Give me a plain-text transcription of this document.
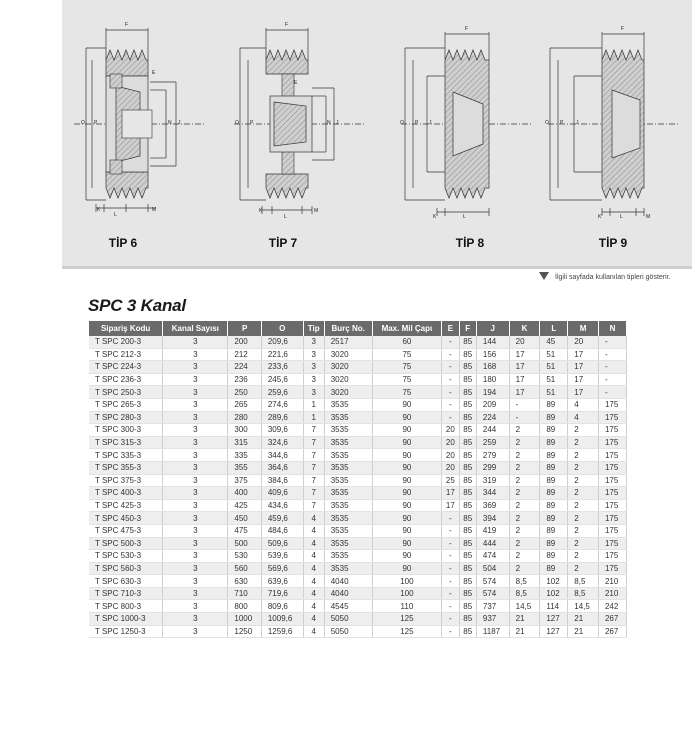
F
E
O P	J
N
K
L
M
TİP 6
F
E
O P	J
N
K
L
M
TİP 7
F
O P J
K	L
TİP 8
F
O P	J
K	L	M
TİP 9
İlgili sayfada kullanılan tipleri gösterir.
SPC 3 Kanal
Sipariş Kodu	Kanal Sayısı	P	O	Tip	Burç No.	Max. Mil Çapı	E	F	J	K	L	M	N
T SPC 200-3	3	200	209,6	3	2517	60	-	85	144	20	45	20	-
T SPC 212-3	3	212	221,6	3	3020	75	-	85	156	17	51	17	-
T SPC 224-3	3	224	233,6	3	3020	75	-	85	168	17	51	17	-
T SPC 236-3	3	236	245,6	3	3020	75	-	85	180	17	51	17	-
T SPC 250-3	3	250	259,6	3	3020	75	-	85	194	17	51	17	-
T SPC 265-3	3	265	274,6	1	3535	90	-	85	209	-	89	4	175
T SPC 280-3	3	280	289,6	1	3535	90	-	85	224	-	89	4	175
T SPC 300-3	3	300	309,6	7	3535	90	20	85	244	2	89	2	175
T SPC 315-3	3	315	324,6	7	3535	90	20	85	259	2	89	2	175
T SPC 335-3	3	335	344,6	7	3535	90	20	85	279	2	89	2	175
T SPC 355-3	3	355	364,6	7	3535	90	20	85	299	2	89	2	175
T SPC 375-3	3	375	384,6	7	3535	90	25	85	319	2	89	2	175
T SPC 400-3	3	400	409,6	7	3535	90	17	85	344	2	89	2	175
T SPC 425-3	3	425	434,6	7	3535	90	17	85	369	2	89	2	175
T SPC 450-3	3	450	459,6	4	3535	90	-	85	394	2	89	2	175
T SPC 475-3	3	475	484,6	4	3535	90	-	85	419	2	89	2	175
T SPC 500-3	3	500	509,6	4	3535	90	-	85	444	2	89	2	175
T SPC 530-3	3	530	539,6	4	3535	90	-	85	474	2	89	2	175
T SPC 560-3	3	560	569,6	4	3535	90	-	85	504	2	89	2	175
T SPC 630-3	3	630	639,6	4	4040	100	-	85	574	8,5	102	8,5	210
T SPC 710-3	3	710	719,6	4	4040	100	-	85	574	8,5	102	8,5	210
T SPC 800-3	3	800	809,6	4	4545	110	-	85	737	14,5	114	14,5	242
T SPC 1000-3	3	1000	1009,6	4	5050	125	-	85	937	21	127	21	267
T SPC 1250-3	3	1250	1259,6	4	5050	125	-	85	1187	21	127	21	267
